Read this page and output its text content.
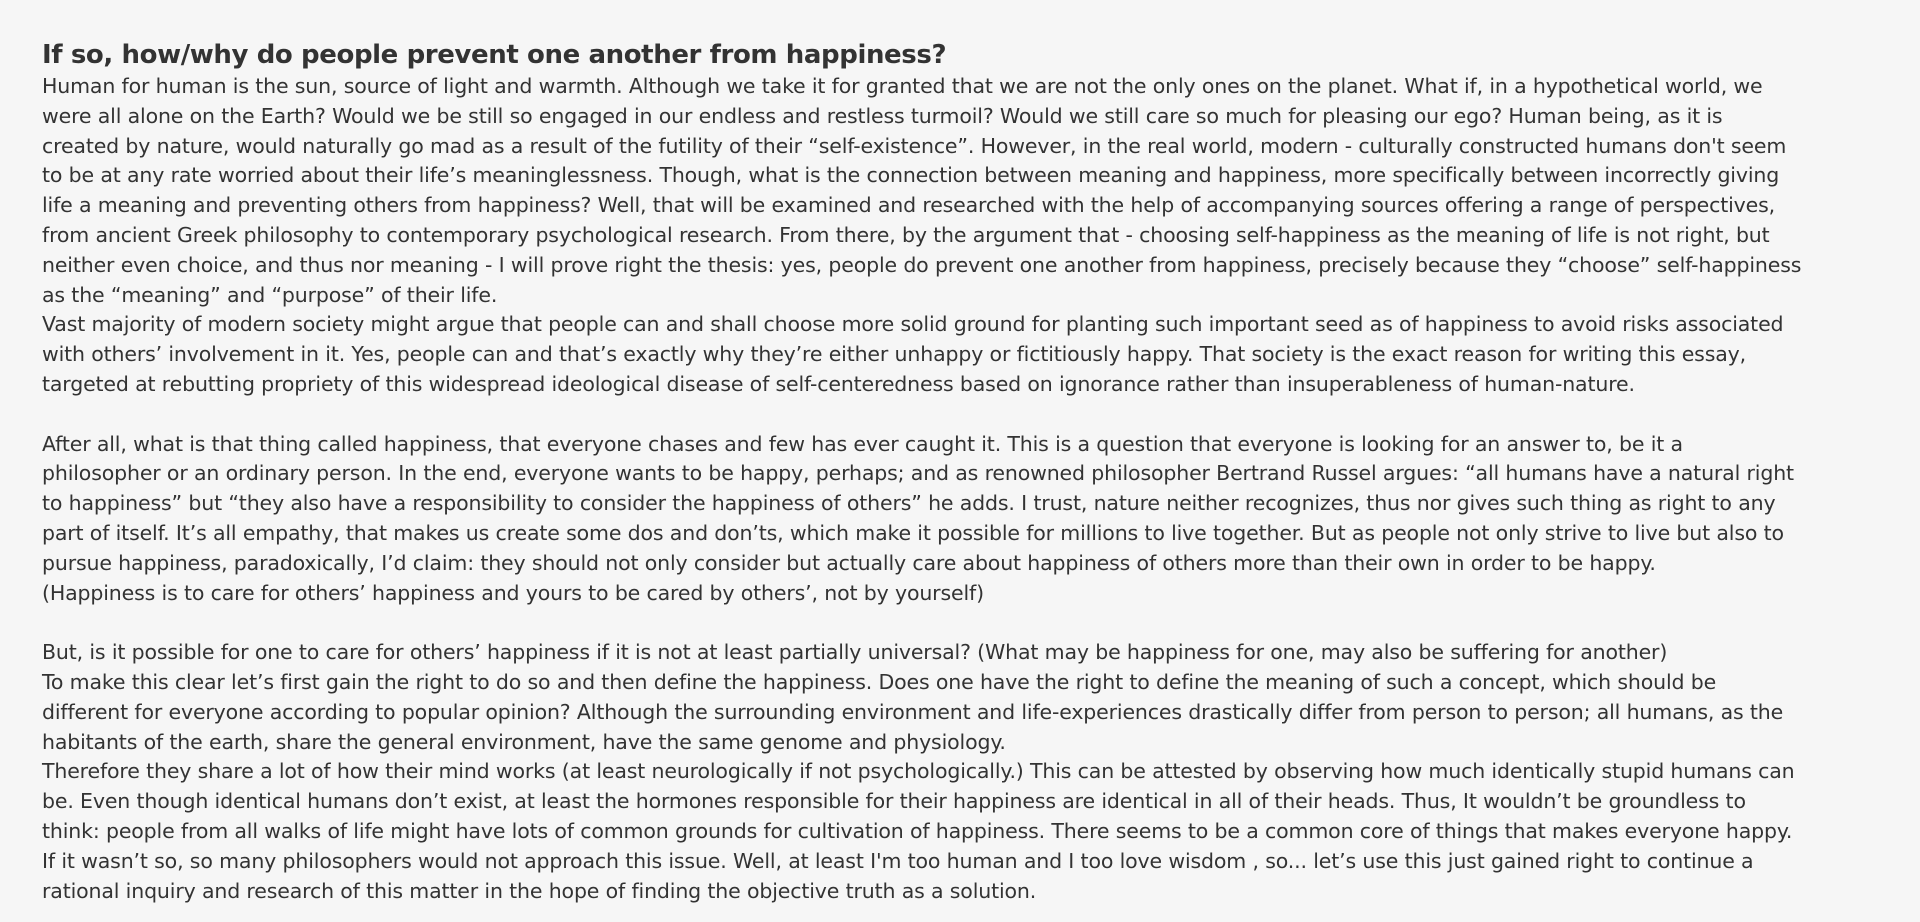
If so, how/why do people prevent one another from happiness?

Human for human is the sun, source of light and warmth. Although we take it for granted that we are not the only ones on the planet. What if, in a hypothetical world, we
were all alone on the Earth? Would we be still so engaged in our endless and restless turmoil? Would we still care so much for pleasing our ego? Human being, as it is
created by nature, would naturally go mad as a result of the futility of their “self-existence”. However, in the real world, modern - culturally constructed humans don't seem
to be at any rate worried about their life’s meaninglessness. Though, what is the connection between meaning and happiness, more specifically between incorrectly giving
life a meaning and preventing others from happiness? Well, that will be examined and researched with the help of accompanying sources offering a range of perspectives,
from ancient Greek philosophy to contemporary psychological research. From there, by the argument that - choosing self-happiness as the meaning of life is not right, but
neither even choice, and thus nor meaning - I will prove right the thesis: yes, people do prevent one another from happiness, precisely because they “choose” self-happiness
as the “meaning” and “purpose” of their life.

Vast majority of modern society might argue that people can and shall choose more solid ground for planting such important seed as of happiness to avoid risks associated
with others’ involvement in it. Yes, people can and that’s exactly why they’re either unhappy or fictitiously happy. That society is the exact reason for writing this essay,
targeted at rebutting propriety of this widespread ideological disease of self-centeredness based on ignorance rather than insuperableness of human-nature.

After all, what is that thing called happiness, that everyone chases and few has ever caught it. This is a question that everyone is looking for an answer to, be it a
philosopher or an ordinary person. In the end, everyone wants to be happy, perhaps; and as renowned philosopher Bertrand Russel argues: “all humans have a natural right
to happiness” but “they also have a responsibility to consider the happiness of others” he adds. I trust, nature neither recognizes, thus nor gives such thing as right to any
part of itself. It’s all empathy, that makes us create some dos and don’ts, which make it possible for millions to live together. But as people not only strive to live but also to
pursue happiness, paradoxically, I’d claim: they should not only consider but actually care about happiness of others more than their own in order to be happy.
(Happiness is to care for others’ happiness and yours to be cared by others’, not by yourself)

But, is it possible for one to care for others’ happiness if it is not at least partially universal? (What may be happiness for one, may also be suffering for another)

To make this clear let’s first gain the right to do so and then define the happiness. Does one have the right to define the meaning of such a concept, which should be
different for everyone according to popular opinion? Although the surrounding environment and life-experiences drastically differ from person to person; all humans, as the
habitants of the earth, share the general environment, have the same genome and physiology.

Therefore they share a lot of how their mind works (at least neurologically if not psychologically.) This can be attested by observing how much identically stupid humans can
be. Even though identical humans don’t exist, at least the hormones responsible for their happiness are identical in all of their heads. Thus, It wouldn’t be groundless to
think: people from all walks of life might have lots of common grounds for cultivation of happiness. There seems to be a common core of things that makes everyone happy.
If it wasn’t so, so many philosophers would not approach this issue. Well, at least I'm too human and I too love wisdom , so... let’s use this just gained right to continue a
rational inquiry and research of this matter in the hope of finding the objective truth as a solution.
